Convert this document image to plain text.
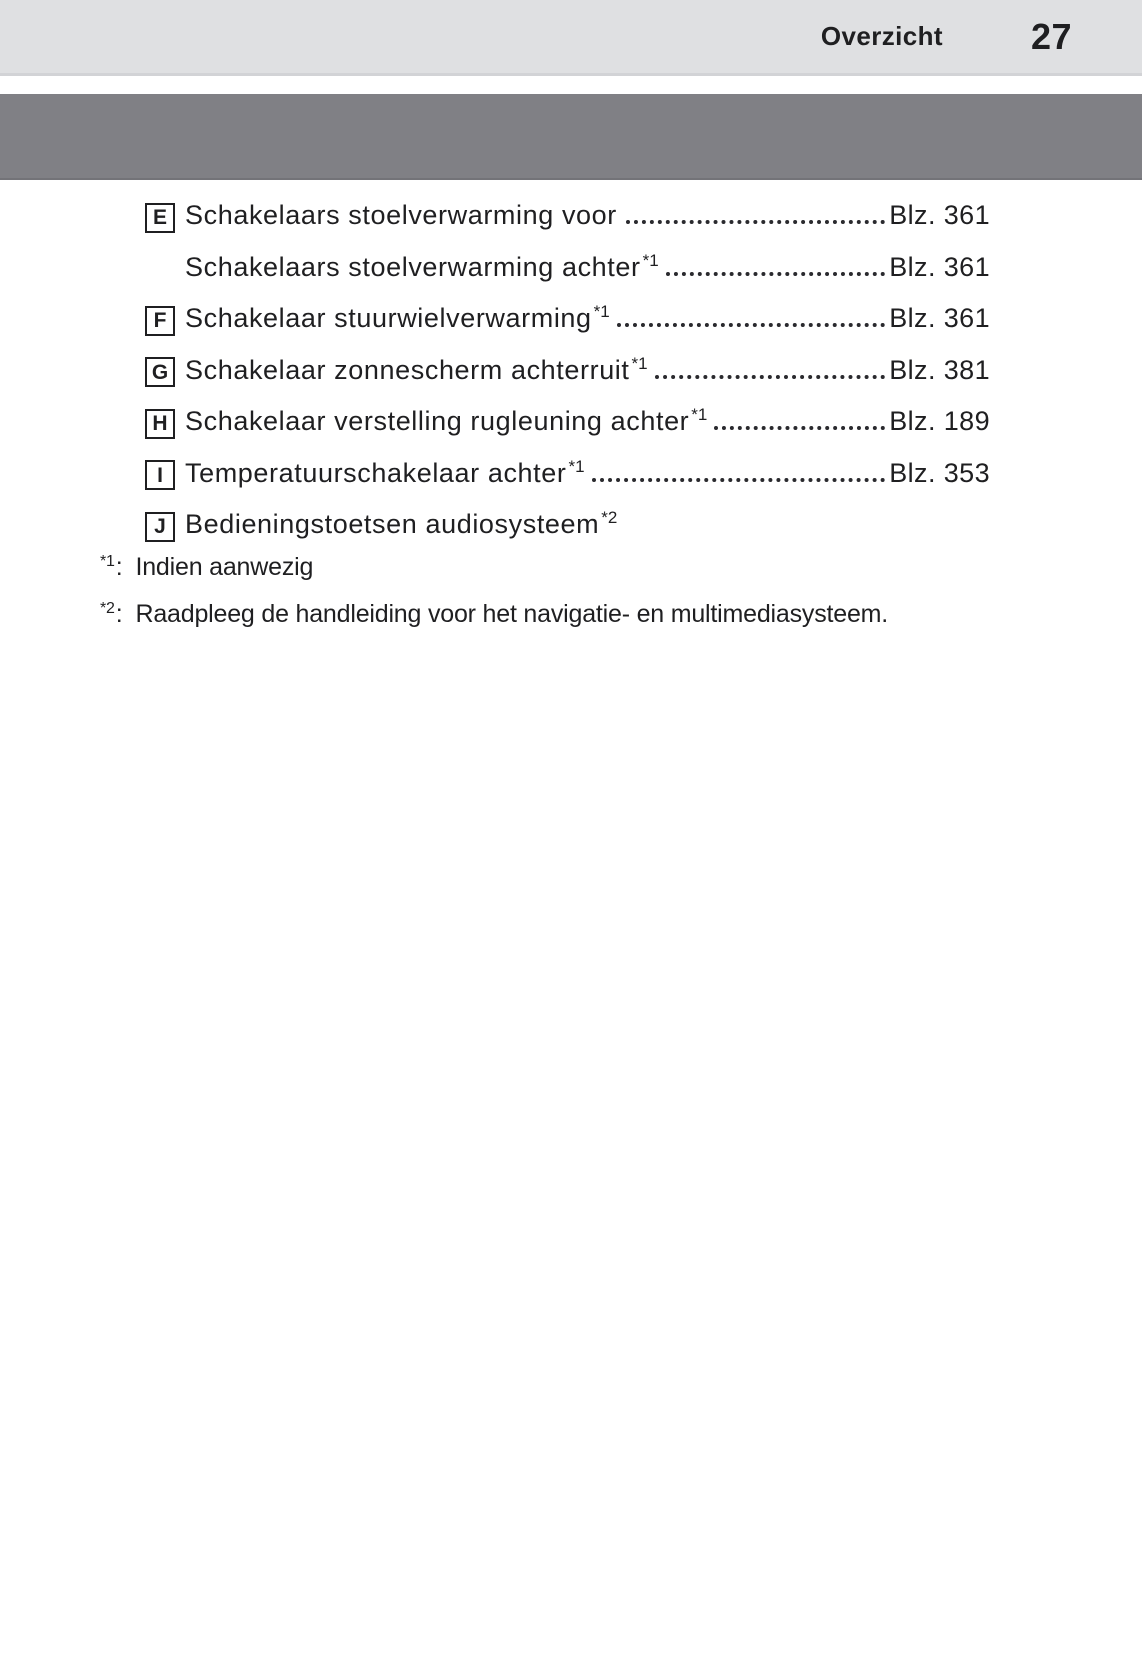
Overzicht 27
E Schakelaars stoelverwarming voor	Blz. 361
Schakelaars stoelverwarming achter *1	Blz. 361
F Schakelaar stuurwielverwarming *1	Blz. 361
G Schakelaar zonnescherm achterruit *1	Blz. 381
H Schakelaar verstelling rugleuning achter *1	Blz. 189
I Temperatuurschakelaar achter *1	Blz. 353
J Bedieningstoetsen audiosysteem *2
$^{*1}$: Indien aanwezig
$^{*2}$: Raadpleeg de handleiding voor het navigatie- en multimediasysteem.
